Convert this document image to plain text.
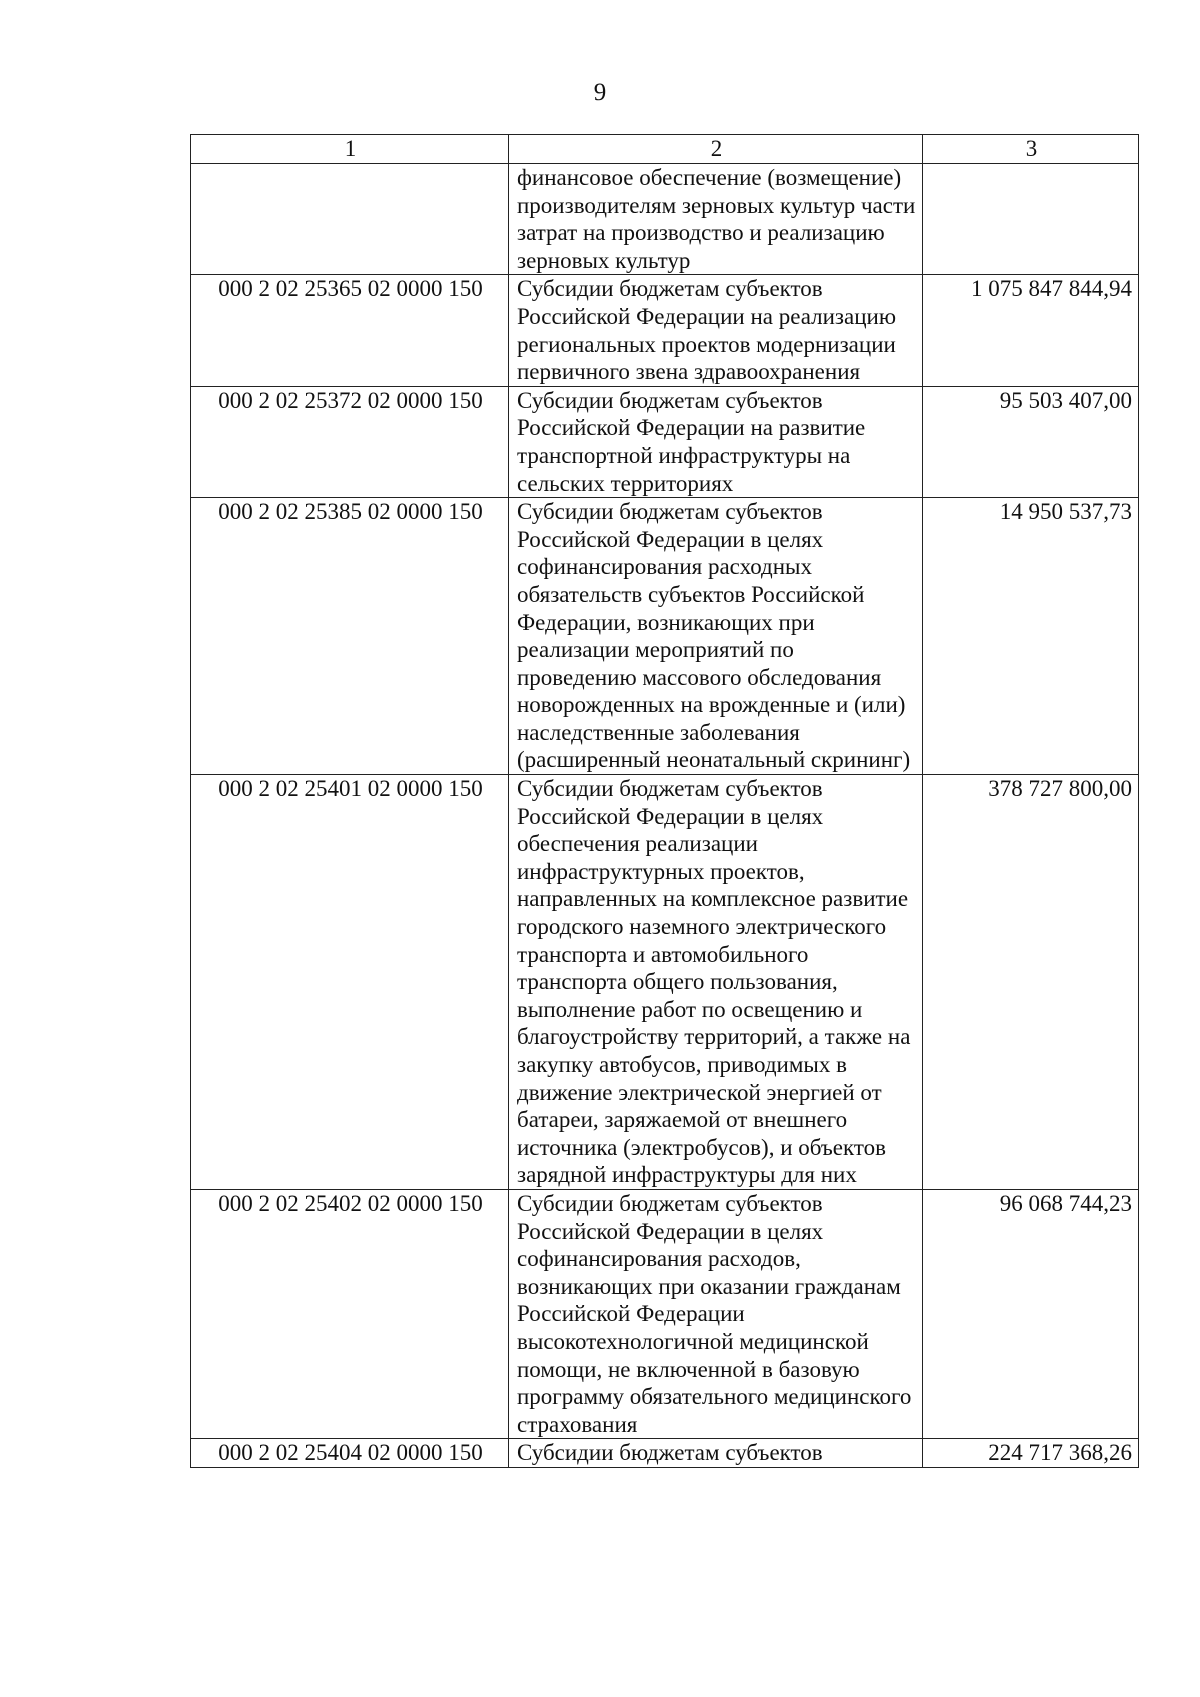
9
1	2	3
	финансовое обеспечение (возмещение) производителям зерновых культур части затрат на производство и реализацию зерновых культур	
000 2 02 25365 02 0000 150	Субсидии бюджетам субъектов Российской Федерации на реализацию региональных проектов модернизации первичного звена здравоохранения	1 075 847 844,94
000 2 02 25372 02 0000 150	Субсидии бюджетам субъектов Российской Федерации на развитие транспортной инфраструктуры на сельских территориях	95 503 407,00
000 2 02 25385 02 0000 150	Субсидии бюджетам субъектов Российской Федерации в целях софинансирования расходных обязательств субъектов Российской Федерации, возникающих при реализации мероприятий по проведению массового обследования новорожденных на врожденные и (или) наследственные заболевания (расширенный неонатальный скрининг)	14 950 537,73
000 2 02 25401 02 0000 150	Субсидии бюджетам субъектов Российской Федерации в целях обеспечения реализации инфраструктурных проектов, направленных на комплексное развитие городского наземного электрического транспорта и автомобильного транспорта общего пользования, выполнение работ по освещению и благоустройству территорий, а также на закупку автобусов, приводимых в движение электрической энергией от батареи, заряжаемой от внешнего источника (электробусов), и объектов зарядной инфраструктуры для них	378 727 800,00
000 2 02 25402 02 0000 150	Субсидии бюджетам субъектов Российской Федерации в целях софинансирования расходов, возникающих при оказании гражданам Российской Федерации высокотехнологичной медицинской помощи, не включенной в базовую программу обязательного медицинского страхования	96 068 744,23
000 2 02 25404 02 0000 150	Субсидии бюджетам субъектов	224 717 368,26
